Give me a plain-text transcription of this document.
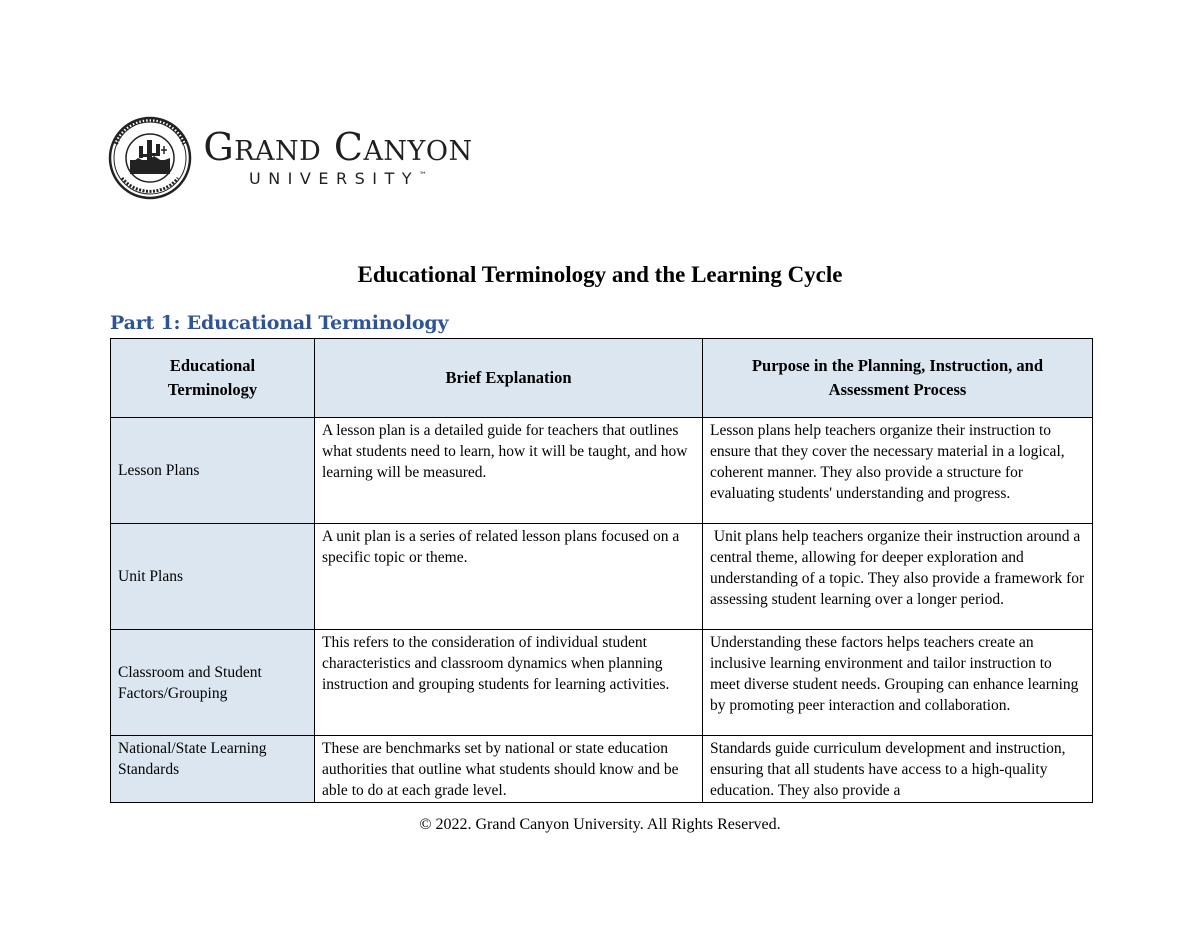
Grand Canyon
UNIVERSITY™
Educational Terminology and the Learning Cycle
Part 1: Educational Terminology
Educational Terminology	Brief Explanation	Purpose in the Planning, Instruction, and Assessment Process
Lesson Plans	A lesson plan is a detailed guide for teachers that outlines what students need to learn, how it will be taught, and how learning will be measured.	Lesson plans help teachers organize their instruction to ensure that they cover the necessary material in a logical, coherent manner. They also provide a structure for evaluating students' understanding and progress.
Unit Plans	A unit plan is a series of related lesson plans focused on a specific topic or theme.	Unit plans help teachers organize their instruction around a central theme, allowing for deeper exploration and understanding of a topic. They also provide a framework for assessing student learning over a longer period.
Classroom and Student Factors/Grouping	This refers to the consideration of individual student characteristics and classroom dynamics when planning instruction and grouping students for learning activities.	Understanding these factors helps teachers create an inclusive learning environment and tailor instruction to meet diverse student needs. Grouping can enhance learning by promoting peer interaction and collaboration.
National/State Learning Standards	These are benchmarks set by national or state education authorities that outline what students should know and be able to do at each grade level.	Standards guide curriculum development and instruction, ensuring that all students have access to a high-quality education. They also provide a

© 2022. Grand Canyon University. All Rights Reserved.
